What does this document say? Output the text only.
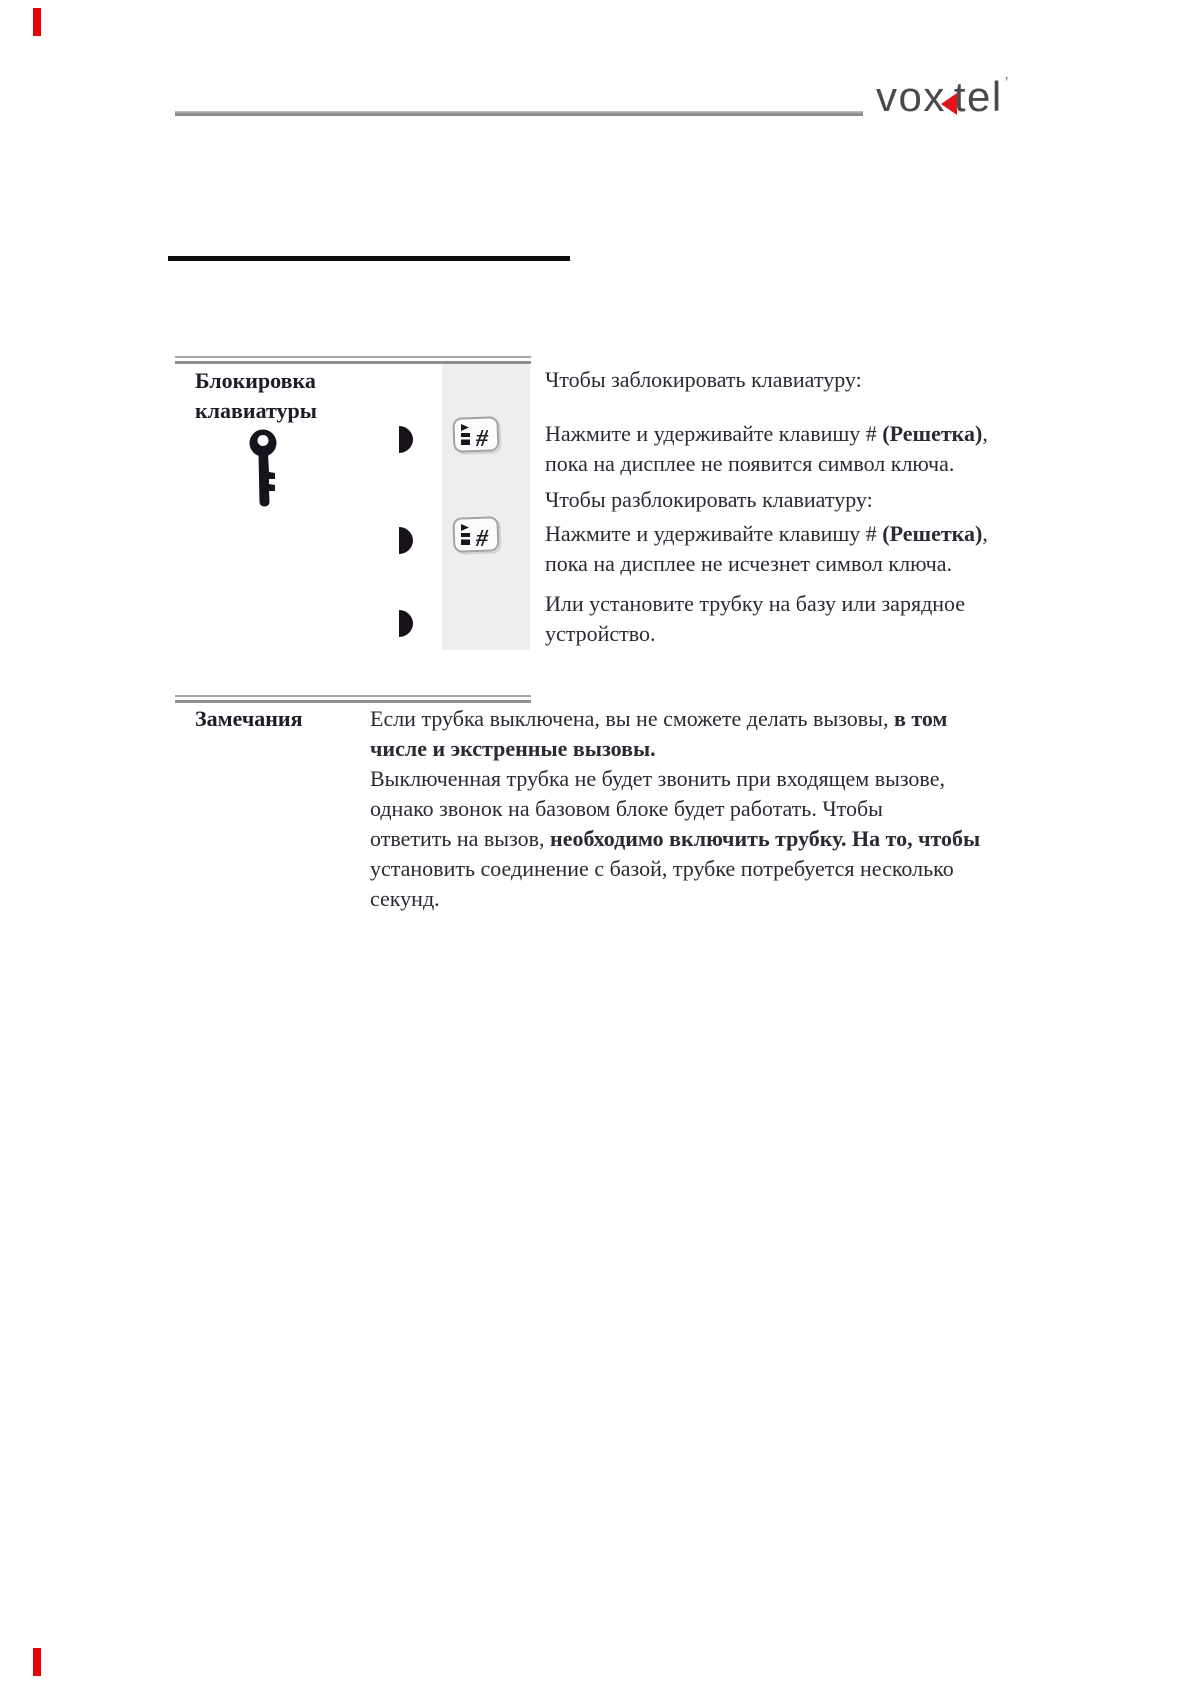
vox tel ’
Блокировка
клавиатуры
#
#
Чтобы заблокировать клавиатуру:
Нажмите и удерживайте клавишу # (Решетка),
пока на дисплее не появится символ ключа.
Чтобы разблокировать клавиатуру:
Нажмите и удерживайте клавишу # (Решетка),
пока на дисплее не исчезнет символ ключа.
Или установите трубку на базу или зарядное
устройство.
Замечания	Если трубка выключена, вы не сможете делать вызовы, в том
числе и экстренные вызовы.
Выключенная трубка не будет звонить при входящем вызове,
однако звонок на базовом блоке будет работать. Чтобы
ответить на вызов, необходимо включить трубку. На то, чтобы
установить соединение с базой, трубке потребуется несколько
секунд.
